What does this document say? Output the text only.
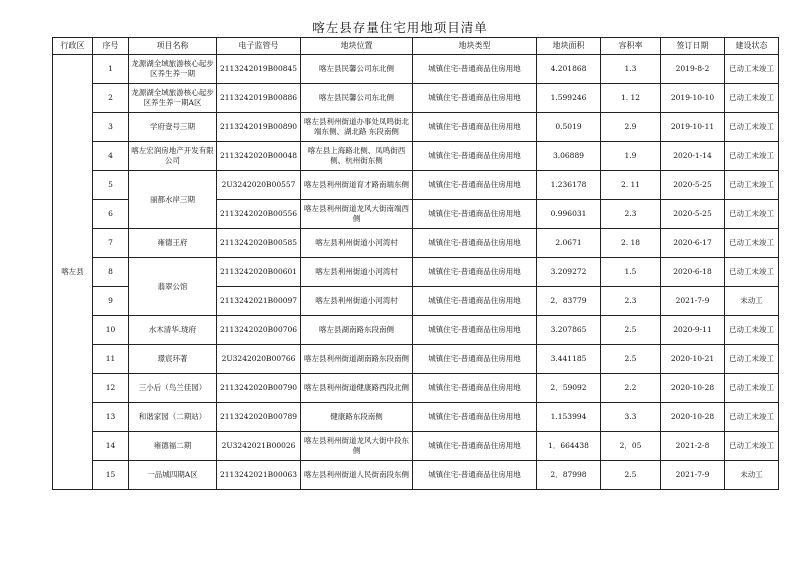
喀左县存量住宅用地项目清单
行政区	序号	项目名称	电子监管号	地块位置	地块类型	地块面积	容积率	签订日期	建设状态
喀左县	1	龙源湖全域旅游核心起步区养生养一期	2113242019B00845	喀左县民馨公司东北侧	城镇住宅-普通商品住房用地	4.201868	1.3	2019-8-2	已动工未竣工
	2	龙源湖全域旅游核心起步区养生养一期A区	2113242019B00886	喀左县民馨公司东北侧	城镇住宅-普通商品住房用地	1.599246	1. 12	2019-10-10	已动工未竣工
	3	学府壹号三期	2113242019B00890	喀左县利州街道办事处凤鸣街北端东侧、湖北路 东段南侧	城镇住宅-普通商品住房用地	0.5019	2.9	2019-10-11	已动工未竣工
	4	喀左宏润房地产开发有限公司	2113242020B00048	喀左县上海路北侧、凤鸣街西侧、杭州街东侧	城镇住宅-普通商品住房用地	3.06889	1.9	2020-1-14	已动工未竣工
	5	丽都水岸三期	2U3242020B00557	喀左县利州街道育才路南端东侧	城镇住宅-普通商品住房用地	1.236178	2. 11	2020-5-25	已动工未竣工
	6		2113242020B00556	喀左县利州街道龙风大街南端西侧	城镇住宅-普通商品住房用地	0.996031	2.3	2020-5-25	已动工未竣工
	7	雍德王府	2113242020B00585	喀左县利州街道小河湾村	城镇住宅-普通商品住房用地	2.0671	2. 18	2020-6-17	已动工未竣工
	8	翡翠公馆	2113242020B00601	喀左县利州街道小河湾村	城镇住宅-普通商品住房用地	3.209272	1.5	2020-6-18	已动工未竣工
	9		2113242021B00097	喀左县利州街道小河湾村	城镇住宅-普通商品住房用地	2．83779	2.3	2021-7-9	未动工
	10	水木清华.珑府	2113242020B00706	喀左县湖南路东段南侧	城镇住宅-普通商品住房用地	3.207865	2.5	2020-9-11	已动工未竣工
	11	璟宸环著	2U3242020B00766	喀左县利州街道湖南路东段南侧	城镇住宅-普通商品住房用地	3.441185	2.5	2020-10-21	已动工未竣工
	12	三小后（鸟兰佳园）	2113242020B00790	喀左县利州街道健康路西段北侧	城镇住宅-普通商品住房用地	2．59092	2.2	2020-10-28	已动工未竣工
	13	和谐家园（二期站）	2113242020B00789	健康路东段南侧	城镇住宅-普通商品住房用地	1.153994	3.3	2020-10-28	已动工未竣工
	14	雍德福二期	2U3242021B00026	喀左县利州街道龙风大街中段东侧	城镇住宅-普通商品住房用地	1．664438	2．05	2021-2-8	已动工未竣工
	15	一品城四期A区	2113242021B00063	喀左县利州街道人民街南段东侧	城镇住宅-普通商品住房用地	2．87998	2.5	2021-7-9	未动工
